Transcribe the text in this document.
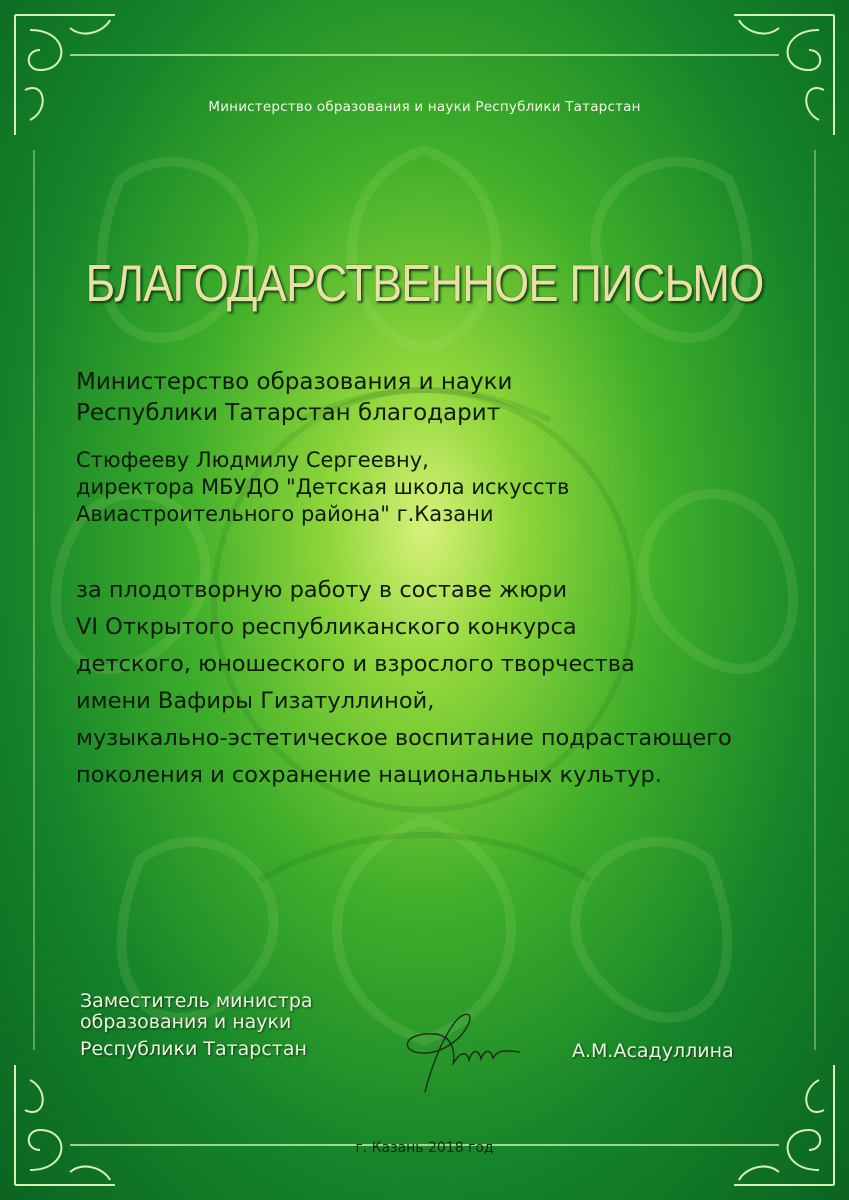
Министерство образования и науки Республики Татарстан
БЛАГОДАРСТВЕННОЕ ПИСЬМО
Министерство образования и науки
Республики Татарстан благодарит
Стюфееву Людмилу Сергеевну,
директора МБУДО "Детская школа искусств
Авиастроительного района" г.Казани
за плодотворную работу в составе жюри
VI Открытого республиканского конкурса
детского, юношеского и взрослого творчества
имени Вафиры Гизатуллиной,
музыкально-эстетическое воспитание подрастающего
поколения и сохранение национальных культур.
Заместитель министра
образования и науки
Республики Татарстан	А.М.Асадуллина
г. Казань 2018 год
